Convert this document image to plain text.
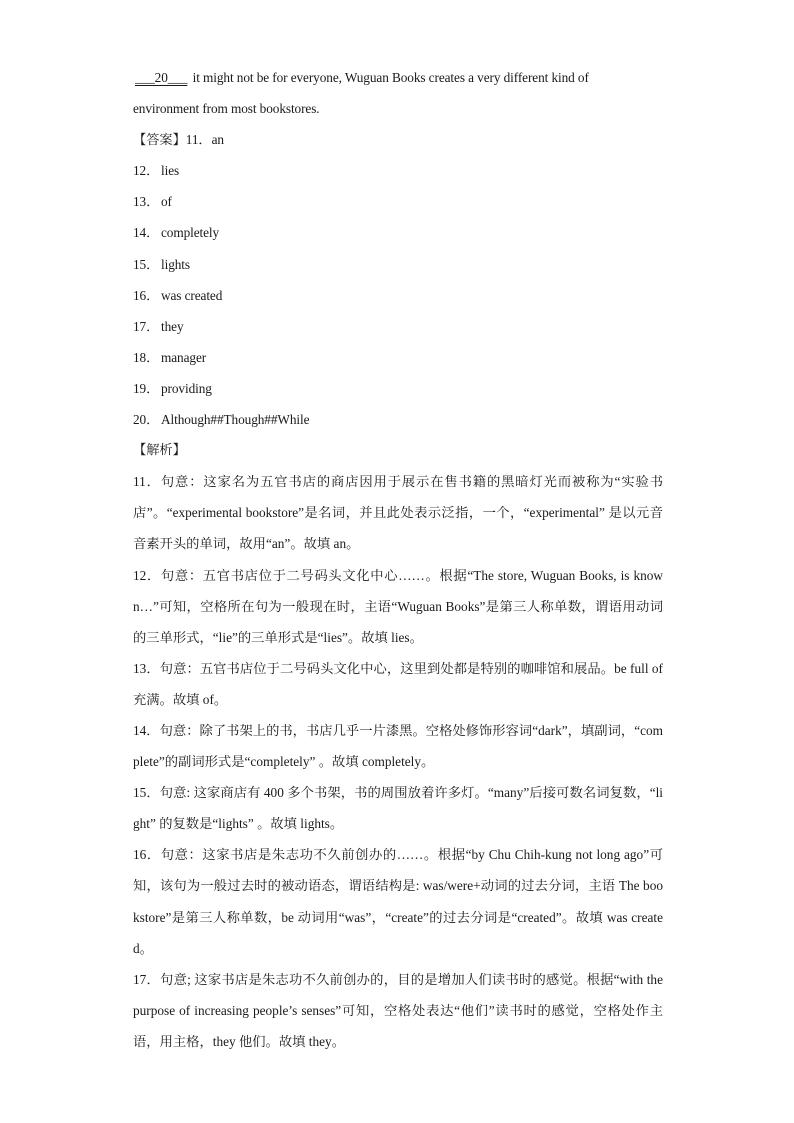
___20___ it might not be for everyone, Wuguan Books creates a very different kind of
environment from most bookstores.
【答案】11．an
12． lies
13． of
14． completely
15． lights
16． was created
17． they
18． manager
19． providing
20． Although##Though##While
【解析】

11．句意：这家名为五官书店的商店因用于展示在售书籍的黑暗灯光而被称为“实验书店”。“experimental bookstore”是名词，并且此处表示泛指，一个，“experimental” 是以元音音素开头的单词，故用“an”。故填 an。

12．句意：五官书店位于二号码头文化中心……。根据“The store, Wuguan Books, is known…”可知，空格所在句为一般现在时，主语“Wuguan Books”是第三人称单数，谓语用动词的三单形式，“lie”的三单形式是“lies”。故填 lies。

13．句意：五官书店位于二号码头文化中心，这里到处都是特别的咖啡馆和展品。be full of 充满。故填 of。

14．句意：除了书架上的书，书店几乎一片漆黑。空格处修饰形容词“dark”，填副词，“complete”的副词形式是“completely” 。故填 completely。

15．句意: 这家商店有 400 多个书架，书的周围放着许多灯。“many”后接可数名词复数，“light” 的复数是“lights” 。故填 lights。

16．句意：这家书店是朱志功不久前创办的……。根据“by Chu Chih-kung not long ago”可知，该句为一般过去时的被动语态，谓语结构是: was/were+动词的过去分词，主语 The bookstore”是第三人称单数，be 动词用“was”，“create”的过去分词是“created”。故填 was created。

17．句意; 这家书店是朱志功不久前创办的，目的是增加人们读书时的感觉。根据“with the purpose of increasing people’s senses”可知，空格处表达“他们”读书时的感觉，空格处作主语，用主格，they 他们。故填 they。
